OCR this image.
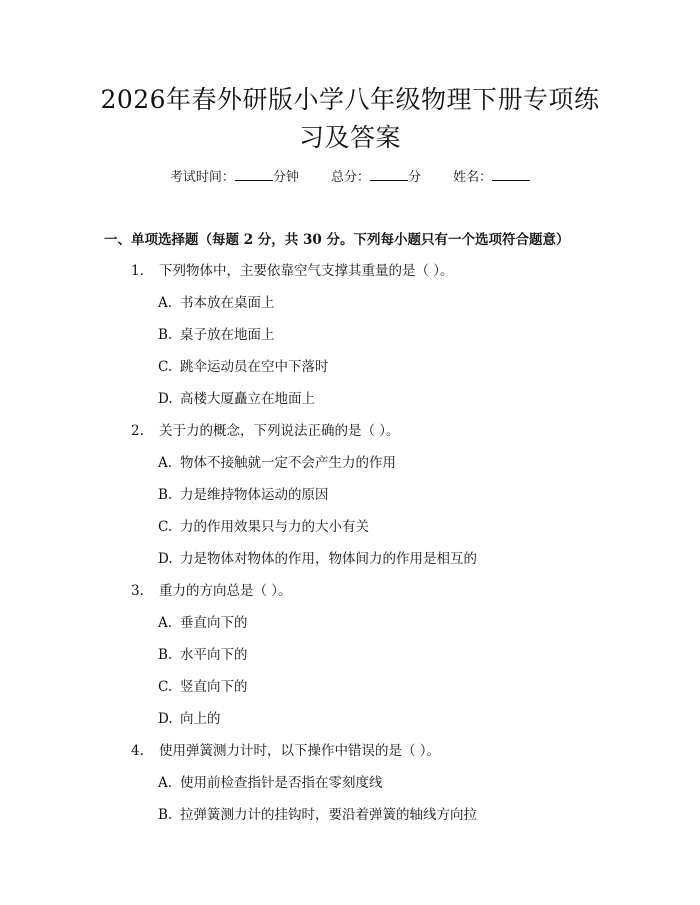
2026年春外研版小学八年级物理下册专项练
习及答案
考试时间：	分钟 总分：	分 姓名：
一、单项选择题（每题 2 分，共 30 分。下列每小题只有一个选项符合题意）
1. 下列物体中，主要依靠空气支撑其重量的是（ ）。
A. 书本放在桌面上
B. 桌子放在地面上
C. 跳伞运动员在空中下落时
D. 高楼大厦矗立在地面上
2. 关于力的概念，下列说法正确的是（ ）。
A. 物体不接触就一定不会产生力的作用
B. 力是维持物体运动的原因
C. 力的作用效果只与力的大小有关
D. 力是物体对物体的作用，物体间力的作用是相互的
3. 重力的方向总是（ ）。
A. 垂直向下的
B. 水平向下的
C. 竖直向下的
D. 向上的
4. 使用弹簧测力计时，以下操作中错误的是（ ）。
A. 使用前检查指针是否指在零刻度线
B. 拉弹簧测力计的挂钩时，要沿着弹簧的轴线方向拉
